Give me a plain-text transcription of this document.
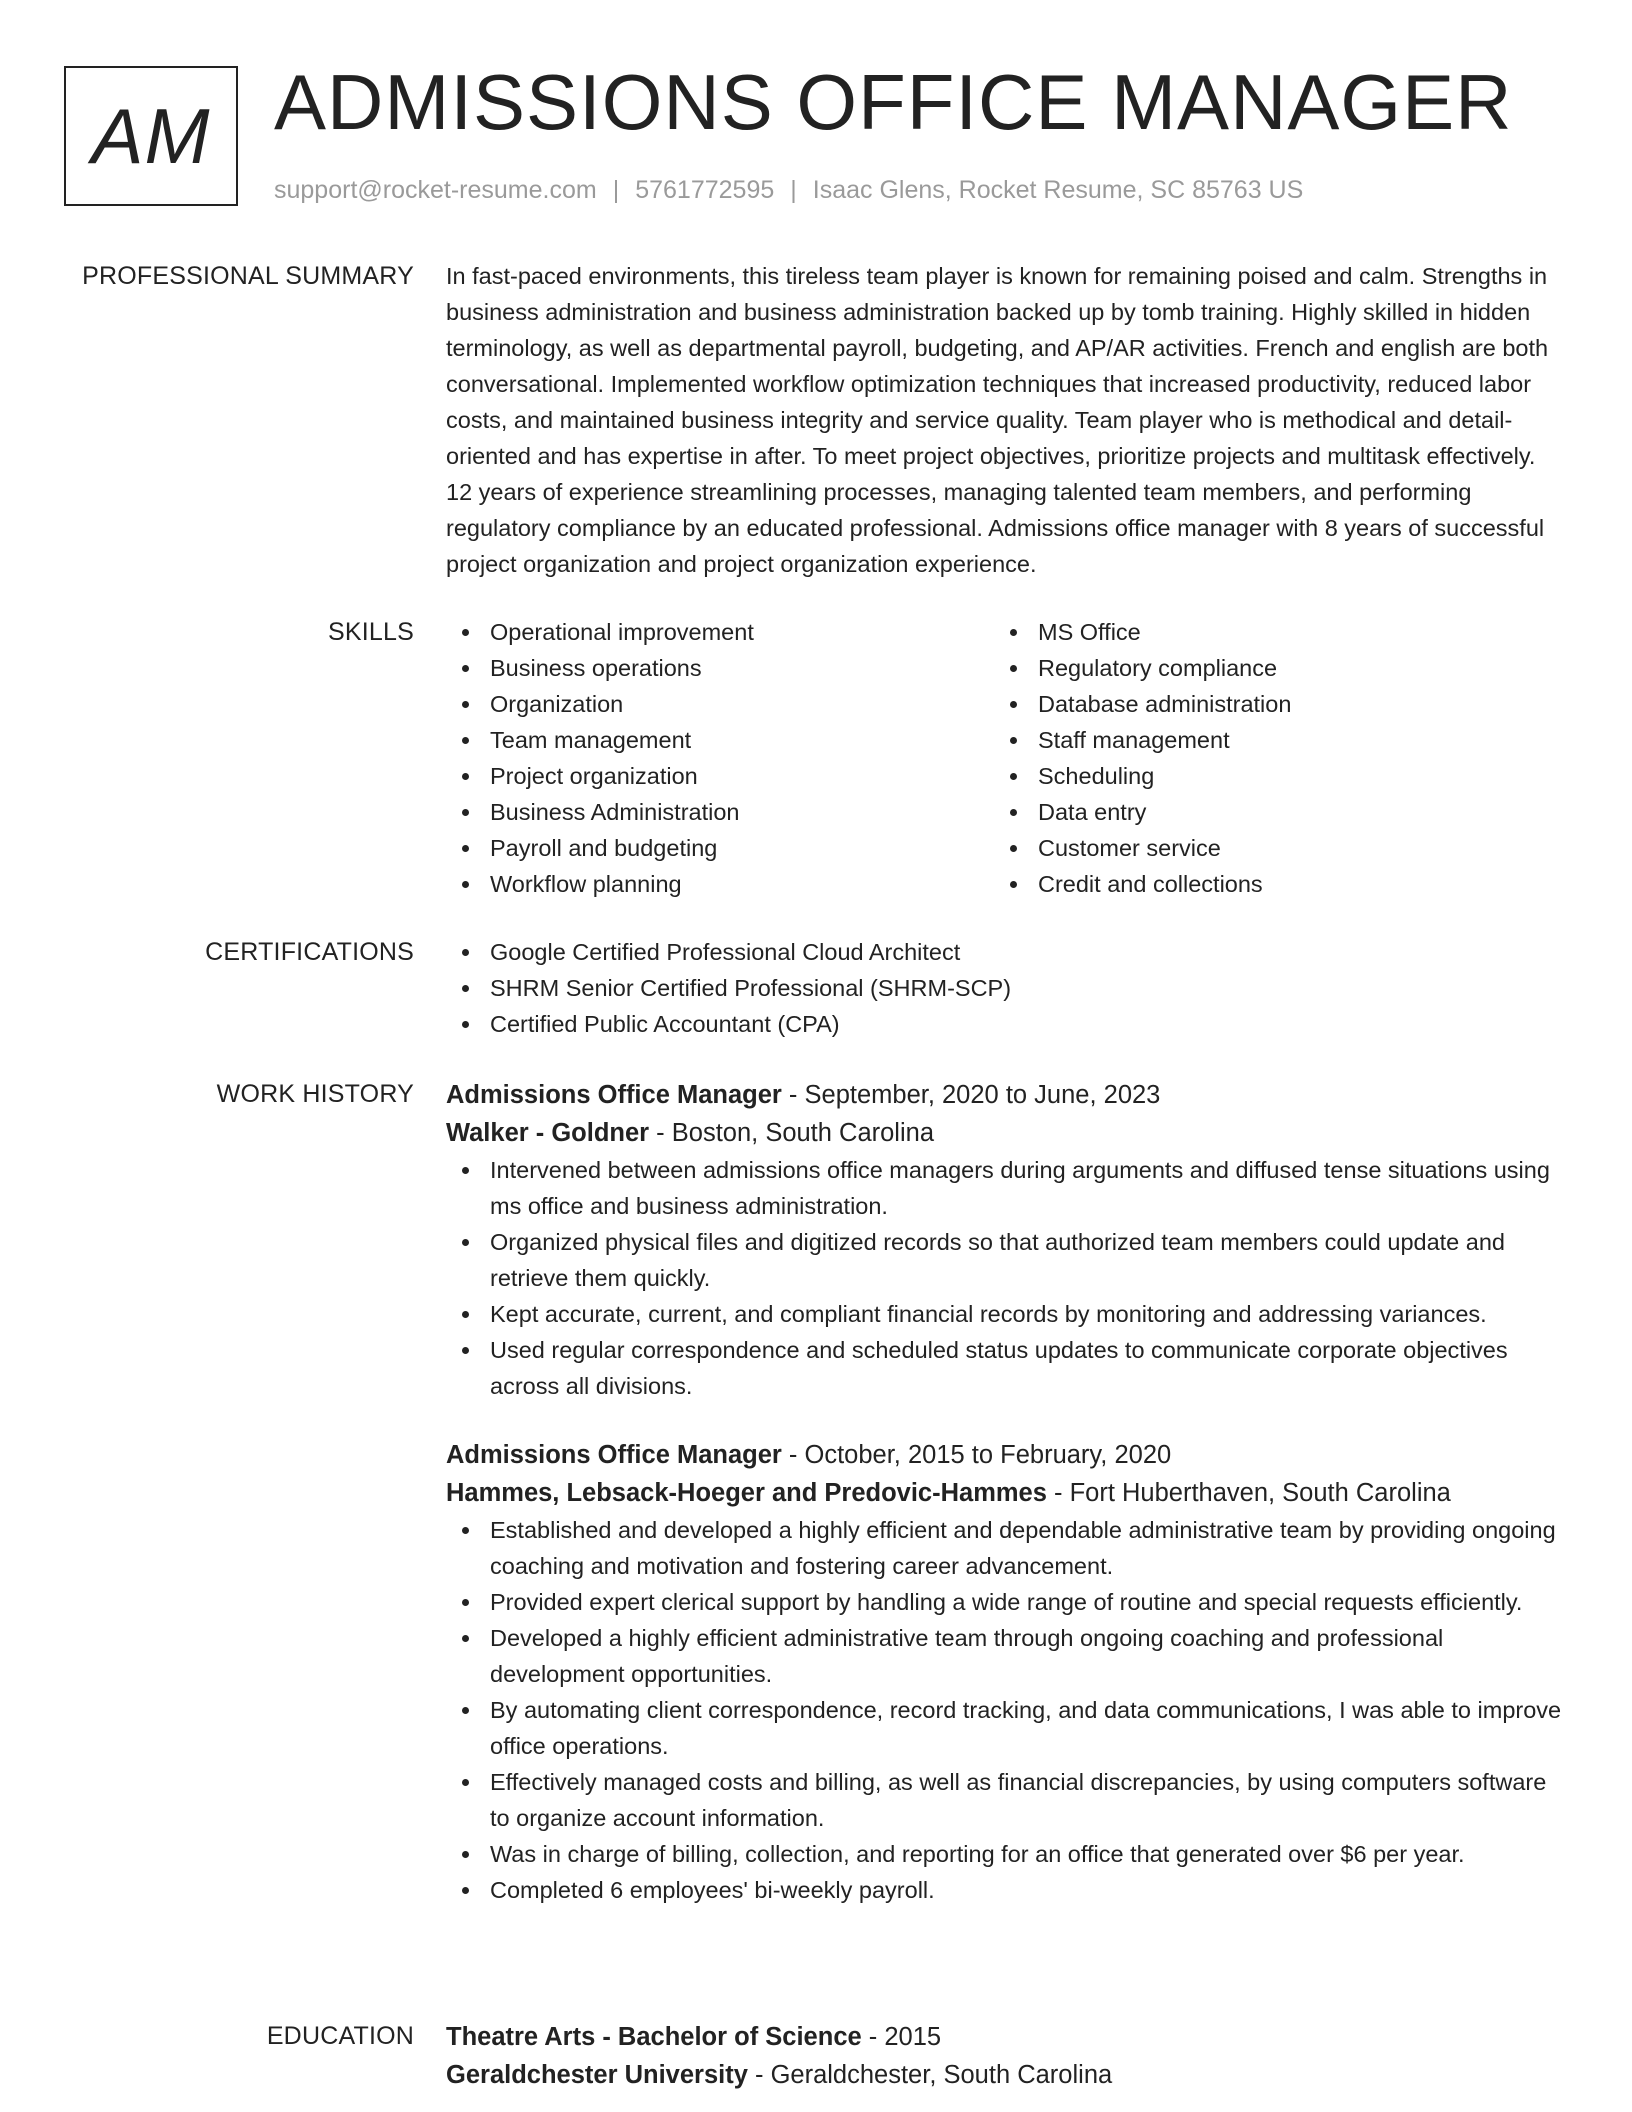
AM ADMISSIONS OFFICE MANAGER
support@rocket-resume.com | 5761772595 | Isaac Glens, Rocket Resume, SC 85763 US
PROFESSIONAL SUMMARY In fast-paced environments, this tireless team player is known for remaining poised and calm. Strengths in business administration and business administration backed up by tomb training. Highly skilled in hidden terminology, as well as departmental payroll, budgeting, and AP/AR activities. French and english are both conversational. Implemented workflow optimization techniques that increased productivity, reduced labor costs, and maintained business integrity and service quality. Team player who is methodical and detail-oriented and has expertise in after. To meet project objectives, prioritize projects and multitask effectively. 12 years of experience streamlining processes, managing talented team members, and performing regulatory compliance by an educated professional. Admissions office manager with 8 years of successful project organization and project organization experience.

SKILLS	Operational improvement
Business operations
Organization
Team management
Project organization
Business Administration
Payroll and budgeting
Workflow planning
MS Office
Regulatory compliance
Database administration
Staff management
Scheduling
Data entry
Customer service
Credit and collections
CERTIFICATIONS	Google Certified Professional Cloud Architect
SHRM Senior Certified Professional (SHRM-SCP)
Certified Public Accountant (CPA)
WORK HISTORY Admissions Office Manager - September, 2020 to June, 2023
Walker - Goldner - Boston, South Carolina
Intervened between admissions office managers during arguments and diffused tense situations using ms office and business administration.
Organized physical files and digitized records so that authorized team members could update and retrieve them quickly.
Kept accurate, current, and compliant financial records by monitoring and addressing variances.
Used regular correspondence and scheduled status updates to communicate corporate objectives across all divisions.
Admissions Office Manager - October, 2015 to February, 2020
Hammes, Lebsack-Hoeger and Predovic-Hammes - Fort Huberthaven, South Carolina
Established and developed a highly efficient and dependable administrative team by providing ongoing coaching and motivation and fostering career advancement.
Provided expert clerical support by handling a wide range of routine and special requests efficiently.
Developed a highly efficient administrative team through ongoing coaching and professional development opportunities.
By automating client correspondence, record tracking, and data communications, I was able to improve office operations.
Effectively managed costs and billing, as well as financial discrepancies, by using computers software to organize account information.
Was in charge of billing, collection, and reporting for an office that generated over $6 per year.
Completed 6 employees' bi-weekly payroll.
EDUCATION Theatre Arts - Bachelor of Science - 2015
Geraldchester University - Geraldchester, South Carolina
